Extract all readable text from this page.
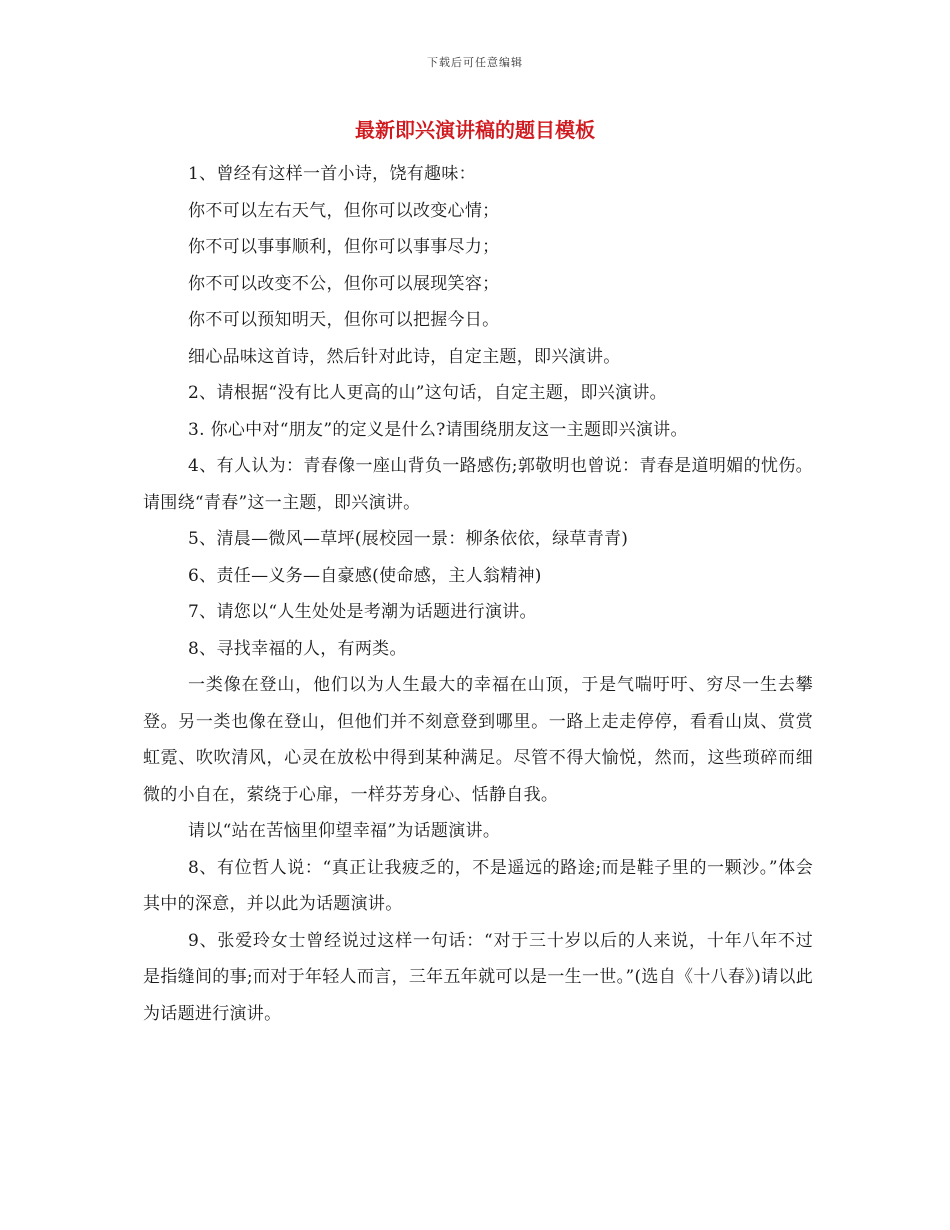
下载后可任意编辑
最新即兴演讲稿的题目模板

1、曾经有这样一首小诗，饶有趣味：

你不可以左右天气，但你可以改变心情；

你不可以事事顺利，但你可以事事尽力；

你不可以改变不公，但你可以展现笑容；

你不可以预知明天，但你可以把握今日。

细心品味这首诗，然后针对此诗，自定主题，即兴演讲。

2、请根据“没有比人更高的山”这句话，自定主题，即兴演讲。

3. 你心中对“朋友”的定义是什么?请围绕朋友这一主题即兴演讲。

4、有人认为：青春像一座山背负一路感伤;郭敬明也曾说：青春是道明媚的忧伤。请围绕“青春”这一主题，即兴演讲。

5、清晨—微风—草坪(展校园一景：柳条依依，绿草青青)

6、责任—义务—自豪感(使命感，主人翁精神)

7、请您以“人生处处是考潮为话题进行演讲。

8、寻找幸福的人，有两类。

一类像在登山，他们以为人生最大的幸福在山顶，于是气喘吁吁、穷尽一生去攀登。另一类也像在登山，但他们并不刻意登到哪里。一路上走走停停，看看山岚、赏赏虹霓、吹吹清风，心灵在放松中得到某种满足。尽管不得大愉悦，然而，这些琐碎而细微的小自在，萦绕于心扉，一样芬芳身心、恬静自我。

请以“站在苦恼里仰望幸福”为话题演讲。

8、有位哲人说：“真正让我疲乏的，不是遥远的路途;而是鞋子里的一颗沙。”体会其中的深意，并以此为话题演讲。

9、张爱玲女士曾经说过这样一句话：“对于三十岁以后的人来说，十年八年不过是指缝间的事;而对于年轻人而言，三年五年就可以是一生一世。”(选自《十八春》)请以此为话题进行演讲。
